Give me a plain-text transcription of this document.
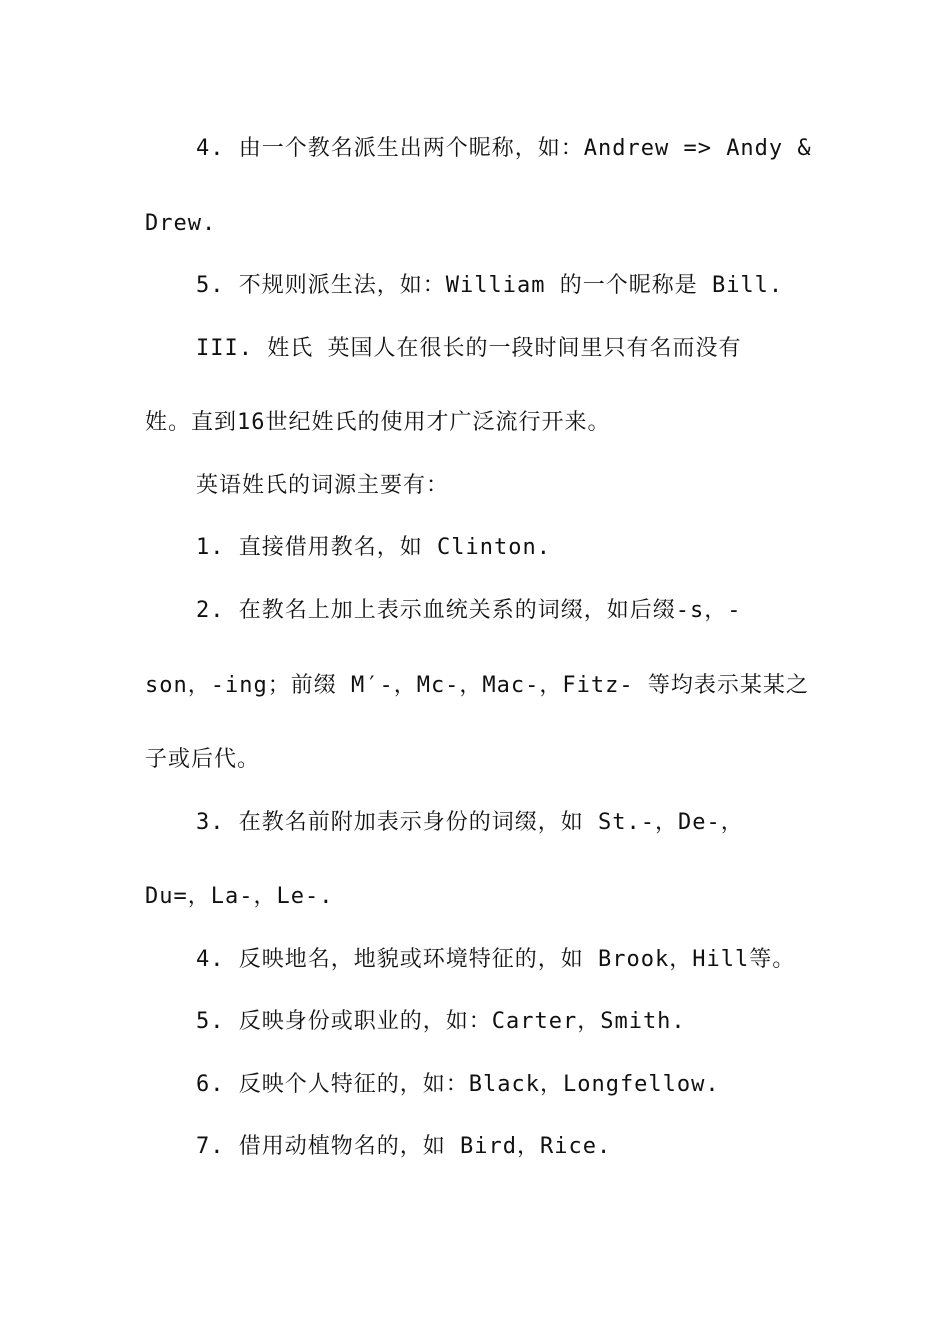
4. 由一个教名派生出两个昵称，如：Andrew => Andy &
Drew.
5. 不规则派生法，如：William 的一个昵称是 Bill.
III. 姓氏 英国人在很长的一段时间里只有名而没有
姓。直到16世纪姓氏的使用才广泛流行开来。
英语姓氏的词源主要有：
1. 直接借用教名，如 Clinton.
2. 在教名上加上表示血统关系的词缀，如后缀-s，-
son，-ing；前缀 M′-，Mc-，Mac-，Fitz- 等均表示某某之
子或后代。
3. 在教名前附加表示身份的词缀，如 St.-，De-，
Du=，La-，Le-.
4. 反映地名，地貌或环境特征的，如 Brook，Hill等。
5. 反映身份或职业的，如：Carter，Smith.
6. 反映个人特征的，如：Black，Longfellow.
7. 借用动植物名的，如 Bird，Rice.
